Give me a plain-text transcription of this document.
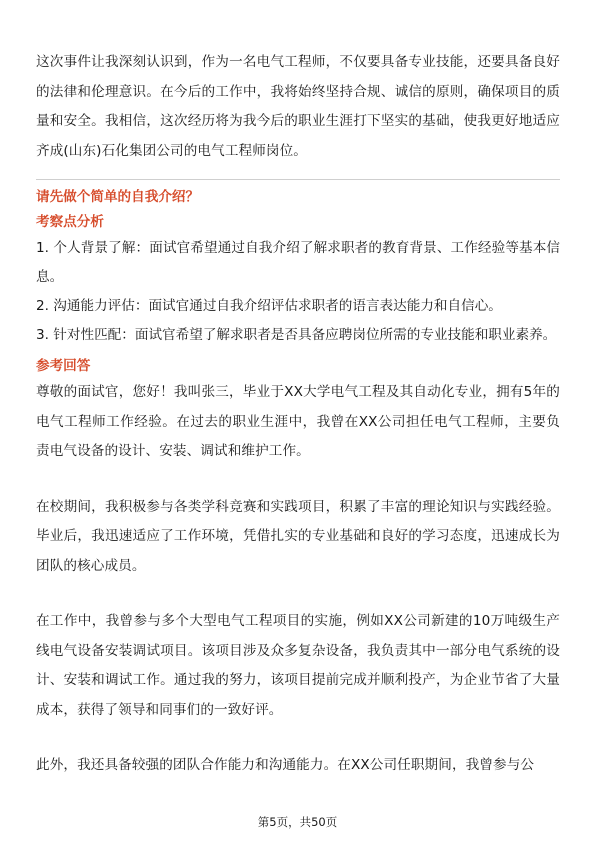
这次事件让我深刻认识到，作为一名电气工程师，不仅要具备专业技能，还要具备良好的法律和伦理意识。在今后的工作中，我将始终坚持合规、诚信的原则，确保项目的质量和安全。我相信，这次经历将为我今后的职业生涯打下坚实的基础，使我更好地适应齐成(山东)石化集团公司的电气工程师岗位。

请先做个简单的自我介绍？
考察点分析

1. 个人背景了解：面试官希望通过自我介绍了解求职者的教育背景、工作经验等基本信息。

2. 沟通能力评估：面试官通过自我介绍评估求职者的语言表达能力和自信心。

3. 针对性匹配：面试官希望了解求职者是否具备应聘岗位所需的专业技能和职业素养。

参考回答

尊敬的面试官，您好！我叫张三，毕业于XX大学电气工程及其自动化专业，拥有5年的电气工程师工作经验。在过去的职业生涯中，我曾在XX公司担任电气工程师，主要负责电气设备的设计、安装、调试和维护工作。

在校期间，我积极参与各类学科竞赛和实践项目，积累了丰富的理论知识与实践经验。毕业后，我迅速适应了工作环境，凭借扎实的专业基础和良好的学习态度，迅速成长为团队的核心成员。

在工作中，我曾参与多个大型电气工程项目的实施，例如XX公司新建的10万吨级生产线电气设备安装调试项目。该项目涉及众多复杂设备，我负责其中一部分电气系统的设计、安装和调试工作。通过我的努力，该项目提前完成并顺利投产，为企业节省了大量成本，获得了领导和同事们的一致好评。

此外，我还具备较强的团队合作能力和沟通能力。在XX公司任职期间，我曾参与公

第5页，共50页
